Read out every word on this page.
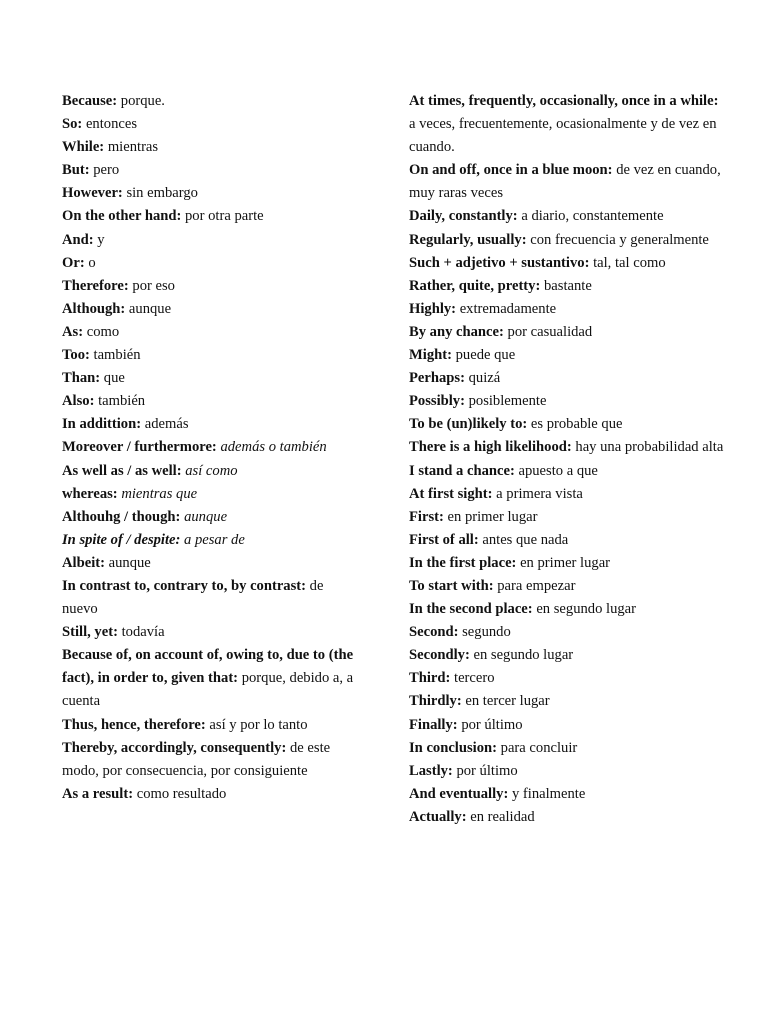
Because: porque.

So: entonces

While: mientras

But: pero

However: sin embargo

On the other hand: por otra parte

And: y

Or: o

Therefore: por eso

Although: aunque

As: como

Too: también

Than: que

Also: también

In addittion: además

Moreover / furthermore: además o también

As well as / as well: así como

whereas: mientras que

Althouhg / though: aunque

In spite of / despite: a pesar de

Albeit: aunque

In contrast to, contrary to, by contrast: de nuevo

Still, yet: todavía

Because of, on account of, owing to, due to (the fact), in order to, given that: porque, debido a, a cuenta

Thus, hence, therefore: así y por lo tanto

Thereby, accordingly, consequently: de este modo, por consecuencia, por consiguiente

As a result: como resultado

At times, frequently, occasionally, once in a while: a veces, frecuentemente, ocasionalmente y de vez en cuando.

On and off, once in a blue moon: de vez en cuando, muy raras veces

Daily, constantly: a diario, constantemente

Regularly, usually: con frecuencia y generalmente

Such + adjetivo + sustantivo: tal, tal como

Rather, quite, pretty: bastante

Highly: extremadamente

By any chance: por casualidad

Might: puede que

Perhaps: quizá

Possibly: posiblemente

To be (un)likely to: es probable que

There is a high likelihood: hay una probabilidad alta

I stand a chance: apuesto a que

At first sight: a primera vista

First: en primer lugar

First of all: antes que nada

In the first place: en primer lugar

To start with: para empezar

In the second place: en segundo lugar

Second: segundo

Secondly: en segundo lugar

Third: tercero

Thirdly: en tercer lugar

Finally: por último

In conclusion: para concluir

Lastly: por último

And eventually: y finalmente

Actually: en realidad
